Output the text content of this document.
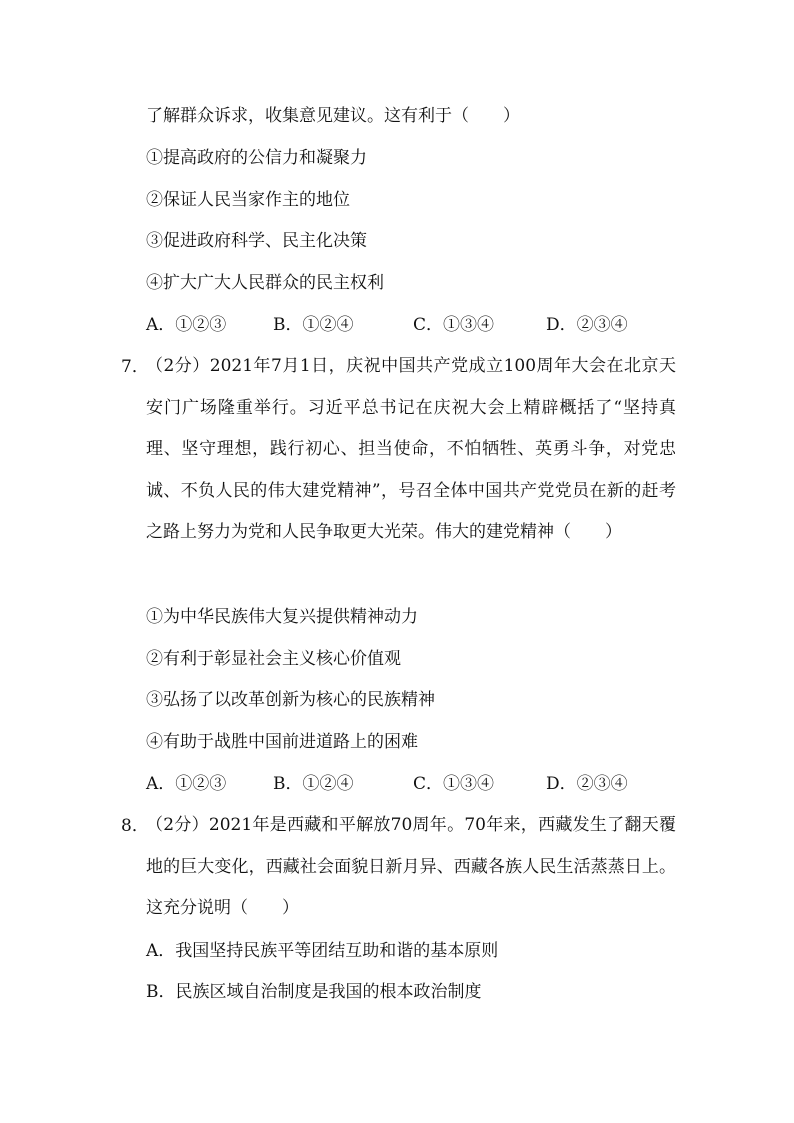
了解群众诉求，收集意见建议。这有利于（　　）
①提高政府的公信力和凝聚力
②保证人民当家作主的地位
③促进政府科学、民主化决策
④扩大广大人民群众的民主权利
A．①②③	B．①②④	C．①③④	D．②③④
7．
（2分）2021年7月1日，庆祝中国共产党成立100周年大会在北京天安门广场隆重举行。习近平总书记在庆祝大会上精辟概括了“坚持真理、坚守理想，践行初心、担当使命，不怕牺牲、英勇斗争，对党忠诚、不负人民的伟大建党精神”，号召全体中国共产党党员在新的赶考之路上努力为党和人民争取更大光荣。伟大的建党精神（　　）
①为中华民族伟大复兴提供精神动力
②有利于彰显社会主义核心价值观
③弘扬了以改革创新为核心的民族精神
④有助于战胜中国前进道路上的困难
A．①②③	B．①②④	C．①③④	D．②③④
8．
（2分）2021年是西藏和平解放70周年。70年来，西藏发生了翻天覆地的巨大变化，西藏社会面貌日新月异、西藏各族人民生活蒸蒸日上。这充分说明（　　）
A．我国坚持民族平等团结互助和谐的基本原则
B．民族区域自治制度是我国的根本政治制度
